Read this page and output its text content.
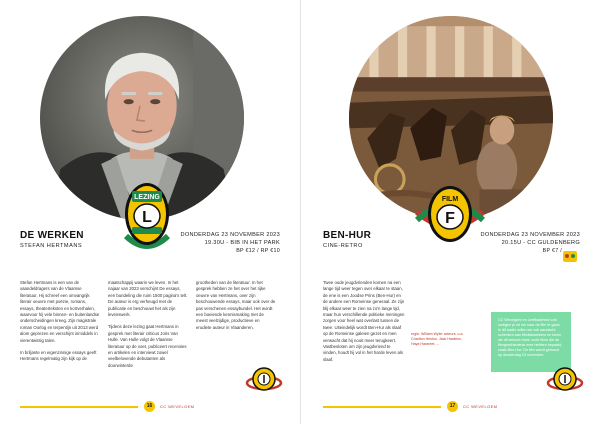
LEZING
L
DE WERKEN
STEFAN HERTMANS
DONDERDAG 23 NOVEMBER 2023
19.30U - BIB IN HET PARK
BP €12 / RP €10

Stefan Hertmans is een van de vaandeldragers van de Vlaamse literatuur. Hij schreef een omvangrijk literair oeuvre met poëzie, romans, essays, theaterteksten en kortverhalen, waarvoor hij vele binnen- en buitenlandse onderscheidingen kreeg. Zijn magistrale roman Oorlog en terpentijn uit 2013 werd alom geprezen en verschijnt inmiddels in vierentwintig talen.

In briljante en eigenzinnige essays geeft Hertmans regelmatig zijn kijk op de

maatschappij waarin we leven. In het najaar van 2023 verschijnt De essays, een bundeling die ruim 1500 pagina's telt. De auteur is erg verheugd met de publicatie en beschouwt het als zijn levenswerk.

Tijdens deze lezing gaat Hertmans in gesprek met literair criticus Joris Van Hulle. Van Hulle volgt de Vlaamse literatuur op de voet, publiceert recensies en artikelen en interviewt zowel veelbelovende debutanten als doorwinterde

grootheden van de literatuur. In het gesprek hebben ze het over het rijke oeuvre van Hertmans, over zijn beschouwende essays, maar ook over de pas verschenen essaybundel. Het wordt een boeiende kennismaking met de meest veelzijdige, productieve en erudiete auteur in Vlaanderen.

16	CC WEVELGEM
FILM
F
BEN-HUR
CINE-RETRO
DONDERDAG 23 NOVEMBER 2023
20.15U - CC GULDENBERG
BP €7 /

Twee oude jeugdvrienden komen na een lange tijd weer tegen over elkaar te staan, de ene is een Joodse Prins (Ben-Hur) en de andere een Romeinse generaal. Ze zijn blij elkaar weer te zien na zo'n lange tijd, maar hun verschillende politieke meningen zorgen voor heel wat overlast tussen de twee. Uiteindelijk wordt Ben-Hur als slaaf op de Romeinse galeien gezet en men verwacht dat hij nooit meer terugkeert. Vastbesloten om zijn jeugdvriend te vinden, houdt hij vol in het harde leven als slaaf.

regie: William Wyler acteurs: o.a. Charlton Heston, Jack Hawkins, Haya Harareet, ...
CC Wevelgem en Leefbaarheid vzw nodigen je uit om naar de film te gaan. In dit kader willen we ook aandacht schenken aan filmklassiekers en tonen we dit seizoen twee oude films die de filmgeschiedenis mee hebben bepaald, zoals Ben-Hur. De film wordt getoond op donderdag 23 november.
17	CC WEVELGEM
